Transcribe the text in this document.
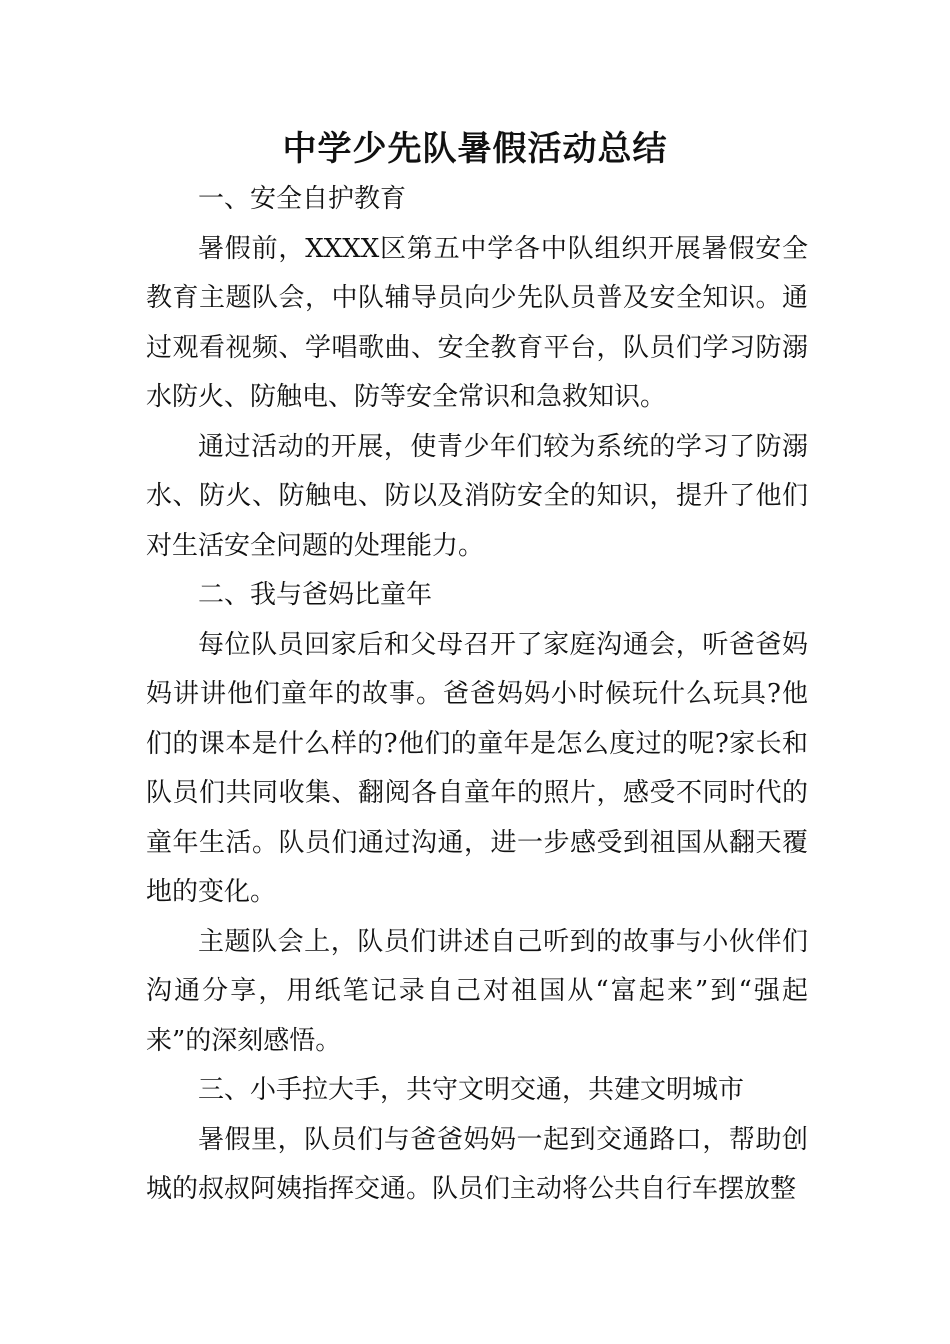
中学少先队暑假活动总结

一、安全自护教育

暑假前，XXXX区第五中学各中队组织开展暑假安全教育主题队会，中队辅导员向少先队员普及安全知识。通过观看视频、学唱歌曲、安全教育平台，队员们学习防溺水防火、防触电、防等安全常识和急救知识。

通过活动的开展，使青少年们较为系统的学习了防溺水、防火、防触电、防以及消防安全的知识，提升了他们对生活安全问题的处理能力。

二、我与爸妈比童年

每位队员回家后和父母召开了家庭沟通会，听爸爸妈妈讲讲他们童年的故事。爸爸妈妈小时候玩什么玩具?他们的课本是什么样的?他们的童年是怎么度过的呢?家长和队员们共同收集、翻阅各自童年的照片，感受不同时代的童年生活。队员们通过沟通，进一步感受到祖国从翻天覆地的变化。

主题队会上，队员们讲述自己听到的故事与小伙伴们沟通分享，用纸笔记录自己对祖国从“富起来”到“强起来”的深刻感悟。

三、小手拉大手，共守文明交通，共建文明城市

暑假里，队员们与爸爸妈妈一起到交通路口，帮助创城的叔叔阿姨指挥交通。队员们主动将公共自行车摆放整
